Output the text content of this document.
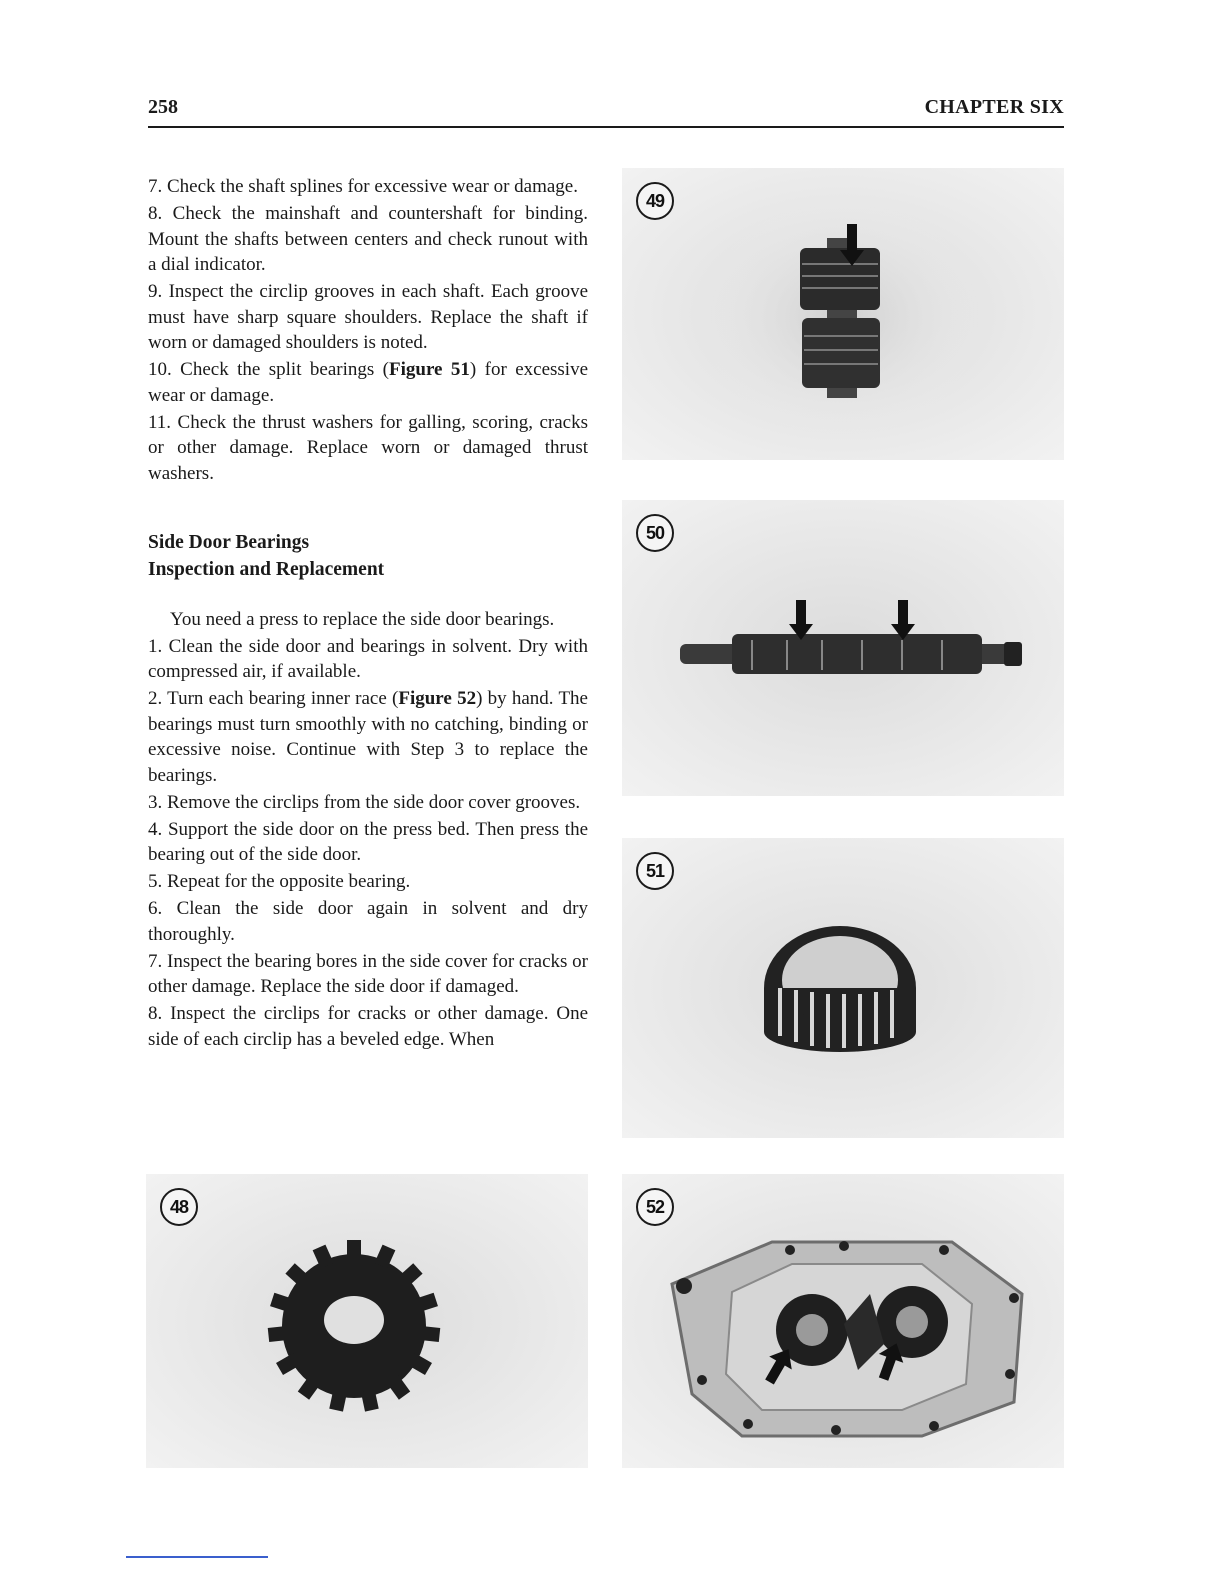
258	CHAPTER SIX

7. Check the shaft splines for excessive wear or damage.

8. Check the mainshaft and countershaft for binding. Mount the shafts between centers and check runout with a dial indicator.

9. Inspect the circlip grooves in each shaft. Each groove must have sharp square shoulders. Replace the shaft if worn or damaged shoulders is noted.

10. Check the split bearings (Figure 51) for excessive wear or damage.

11. Check the thrust washers for galling, scoring, cracks or other damage. Replace worn or damaged thrust washers.

Side Door Bearings

Inspection and Replacement

You need a press to replace the side door bearings.

1. Clean the side door and bearings in solvent. Dry with compressed air, if available.

2. Turn each bearing inner race (Figure 52) by hand. The bearings must turn smoothly with no catching, binding or excessive noise. Continue with Step 3 to replace the bearings.

3. Remove the circlips from the side door cover grooves.

4. Support the side door on the press bed. Then press the bearing out of the side door.

5. Repeat for the opposite bearing.

6. Clean the side door again in solvent and dry thoroughly.

7. Inspect the bearing bores in the side cover for cracks or other damage. Replace the side door if damaged.

8. Inspect the circlips for cracks or other damage. One side of each circlip has a beveled edge. When

49
50
51
48	52
